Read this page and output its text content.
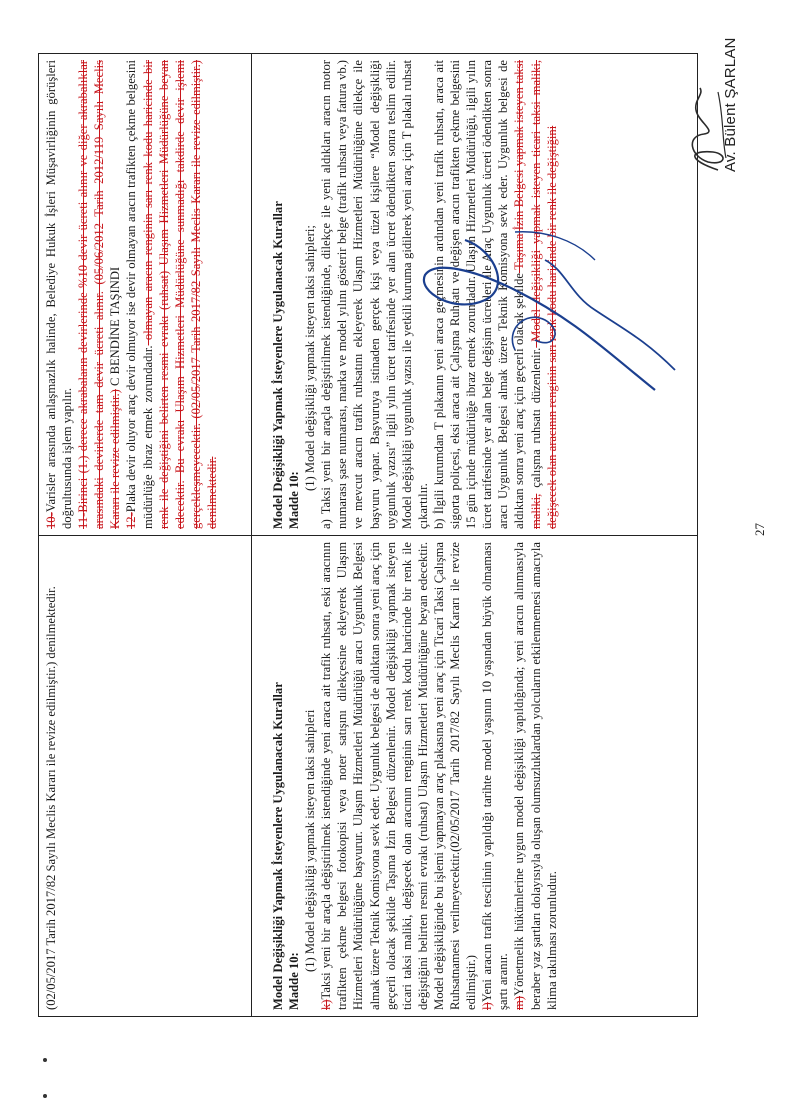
(02/05/2017 Tarih 2017/82 Sayılı Meclis Kararı ile revize edilmiştir.) denilmektedir.

10-Varisler arasında anlaşmazlık halinde, Belediye Hukuk İşleri Müşavirliğinin görüşleri doğrultusunda işlem yapılır. 11-Birinci (1.) derece akrabaların devirlerinde %10 devir ücreti alınır ve diğer akrabalıklar arasındaki devirlerde tam devir ücreti alınır. (05/06/2012 Tarih 2012/119 Sayılı Meclis Kararı ile revize edilmiştir.) C BENDİNE TAŞINDI

12-Plaka devir oluyor araç devir olmuyor ise devir olmayan aracın trafikten çekme belgesini müdürlüğe ibraz etmek zorundadır. olmayan aracın renginin sarı renk kodu haricinde bir renk ile değiştiğini belirten resmi evrakı (ruhsat) Ulaşım Hizmetleri Müdürlüğüne beyan edecektir. Bu evrakı Ulaşım Hizmetleri Müdürlüğüne sunmadığı takdirde devir işlemi gerçekleşmeyecektir. (02/05/2017 Tarih 2017/82 Sayılı Meclis Kararı ile revize edilmiştir.) denilmektedir.

Model Değişikliği Yapmak İsteyenlere Uygulanacak Kurallar Madde 10:

(1) Model değişikliği yapmak isteyen taksi sahipleri

k)Taksi yeni bir araçla değiştirilmek istendiğinde yeni araca ait trafik ruhsatı, eski aracının trafikten çekme belgesi fotokopisi veya noter satışını dilekçesine ekleyerek Ulaşım Hizmetleri Müdürlüğüne başvurur. Ulaşım Hizmetleri Müdürlüğü aracı Uygunluk Belgesi almak üzere Teknik Komisyona sevk eder. Uygunluk belgesi de aldıktan sonra yeni araç için geçerli olacak şekilde Taşıma İzin Belgesi düzenlenir. Model değişikliği yapmak isteyen ticari taksi maliki, değişecek olan aracının renginin sarı renk kodu haricinde bir renk ile değiştiğini belirten resmi evrakı (ruhsat) Ulaşım Hizmetleri Müdürlüğüne beyan edecektir. Model değişikliğinde bu işlemi yapmayan araç plakasına yeni araç için Ticari Taksi Çalışma Ruhsatnamesi verilmeyecektir.(02/05/2017 Tarih 2017/82 Sayılı Meclis Kararı ile revize edilmiştir.) l)Yeni aracın trafik tescilinin yapıldığı tarihte model yaşının 10 yaşından büyük olmaması şartı aranır. m)Yönetmelik hükümlerine uygun model değişikliği yapıldığında; yeni aracın alınmasıyla beraber yaz şartları dolayısıyla oluşan olumsuzluklardan yolcuların etkilenmemesi amacıyla klima takılması zorunludur.

Model Değişikliği Yapmak İsteyenlere Uygulanacak Kurallar Madde 10:

(1) Model değişikliği yapmak isteyen taksi sahipleri; a) Taksi yeni bir araçla değiştirilmek istendiğinde, dilekçe ile yeni aldıkları aracın motor numarası şase numarası, marka ve model yılını gösterir belge (trafik ruhsatı veya fatura vb.) ve mevcut aracın trafik ruhsatını ekleyerek Ulaşım Hizmetleri Müdürlüğüne dilekçe ile başvuru yapar. Başvuruya istinaden gerçek kişi veya tüzel kişilere “Model değişikliği uygunluk yazısı” ilgili yılın ücret tarifesinde yer alan ücret ödendikten sonra teslim edilir. Model değişikliği uygunluk yazısı ile yetkili kuruma gidilerek yeni araç için T plakalı ruhsat çıkartılır. b) İlgili kurumdan T plakanın yeni araca geçmesinin ardından yeni trafik ruhsatı, araca ait sigorta poliçesi, eksi araca ait Çalışma Ruhsatı ve değişen aracın trafikten çekme belgesini 15 gün içinde müdürlüğe ibraz etmek zorundadır. Ulaşım Hizmetleri Müdürlüğü, ilgili yılın ücret tarifesinde yer alan belge değişim ücretleri ile Araç Uygunluk ücreti ödendikten sonra aracı Uygunluk Belgesi almak üzere Teknik Komisyona sevk eder. Uygunluk belgesi de aldıktan sonra yeni araç için geçerli olacak şekilde Taşıma İzin Belgesi yapmak isteyen taksi maliki, çalışma ruhsatı düzenlenir. Model değişikliği yapmak isteyen ticari taksi maliki, değişecek olan aracının renginin sarı renk kodu haricinde bir renk ile değiştiğini

Av. Bülent ŞARLAN
27
